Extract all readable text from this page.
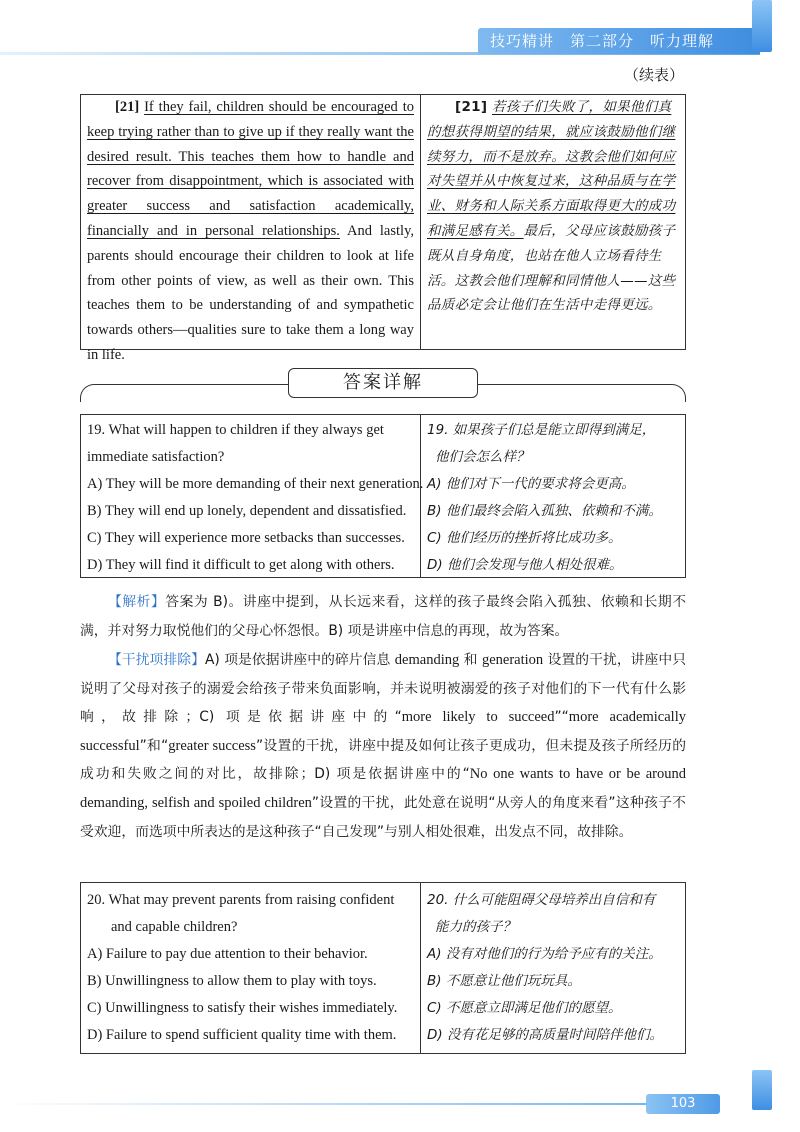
技巧精讲　第二部分　听力理解
（续表）

[21] If they fail, children should be encouraged to keep trying rather than to give up if they really want the desired result. This teaches them how to handle and recover from disappointment, which is associated with greater success and satisfaction academically, financially and in personal relationships. And lastly, parents should encourage their children to look at life from other points of view, as well as their own. This teaches them to be understanding of and sympathetic towards others—qualities sure to take them a long way in life.

[21] 若孩子们失败了，如果他们真的想获得期望的结果，就应该鼓励他们继续努力，而不是放弃。这教会他们如何应对失望并从中恢复过来，这种品质与在学业、财务和人际关系方面取得更大的成功和满足感有关。最后，父母应该鼓励孩子既从自身角度，也站在他人立场看待生活。这教会他们理解和同情他人——这些品质必定会让他们在生活中走得更远。

答案详解
19. What will happen to children if they always get immediate satisfaction?
A) They will be more demanding of their next generation.
B) They will end up lonely, dependent and dissatisfied.
C) They will experience more setbacks than successes.
D) They will find it difficult to get along with others.
19. 如果孩子们总是能立即得到满足，
他们会怎么样？
A) 他们对下一代的要求将会更高。
B) 他们最终会陷入孤独、依赖和不满。
C) 他们经历的挫折将比成功多。
D) 他们会发现与他人相处很难。

【解析】答案为 B)。讲座中提到，从长远来看，这样的孩子最终会陷入孤独、依赖和长期不满，并对努力取悦他们的父母心怀怨恨。B) 项是讲座中信息的再现，故为答案。

【干扰项排除】A) 项是依据讲座中的碎片信息 demanding 和 generation 设置的干扰，讲座中只说明了父母对孩子的溺爱会给孩子带来负面影响，并未说明被溺爱的孩子对他们的下一代有什么影响，故排除；C) 项是依据讲座中的“more likely to succeed”“more academically successful”和“greater success”设置的干扰，讲座中提及如何让孩子更成功，但未提及孩子所经历的成功和失败之间的对比，故排除；D) 项是依据讲座中的“No one wants to have or be around demanding, selfish and spoiled children”设置的干扰，此处意在说明“从旁人的角度来看”这种孩子不受欢迎，而选项中所表达的是这种孩子“自己发现”与别人相处很难，出发点不同，故排除。

20. What may prevent parents from raising confident
and capable children?
A) Failure to pay due attention to their behavior.
B) Unwillingness to allow them to play with toys.
C) Unwillingness to satisfy their wishes immediately.
D) Failure to spend sufficient quality time with them.
20. 什么可能阻碍父母培养出自信和有
能力的孩子？
A) 没有对他们的行为给予应有的关注。
B) 不愿意让他们玩玩具。
C) 不愿意立即满足他们的愿望。
D) 没有花足够的高质量时间陪伴他们。
103
